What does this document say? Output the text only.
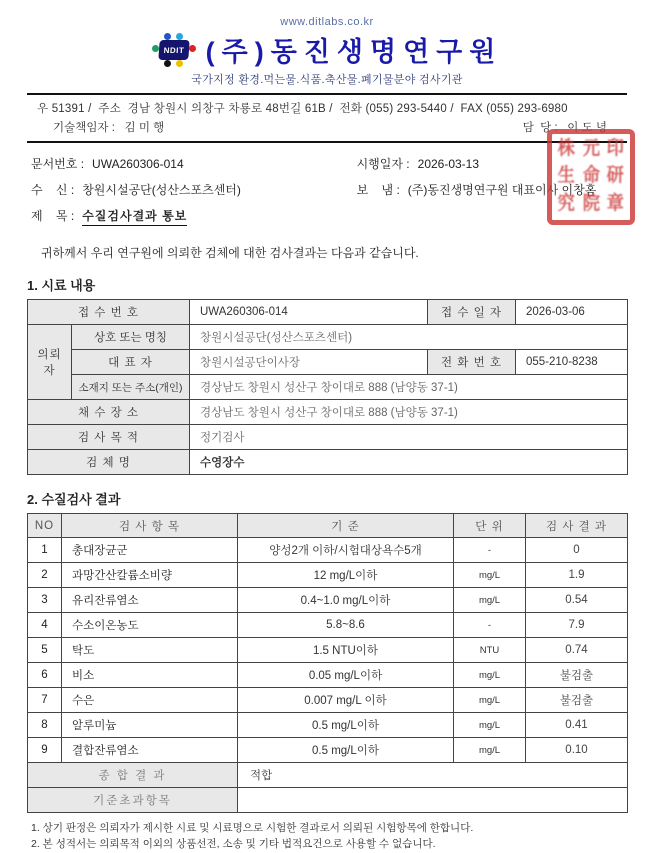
www.ditlabs.co.kr
NDIT (주)동진생명연구원
국가지정 환경.먹는물.식품.축산물.폐기물분야 검사기관
우 51391 /  주소  경남 창원시 의창구 차룡로 48번길 61B /  전화 (055) 293-5440 /  FAX (055) 293-6980
기술책임자 : 김 미 행	담  당 : 이 도 녕
문서번호 : UWA260306-014	시행일자 : 2026-03-13
수    신 : 창원시설공단(성산스포츠센터)	보    냄 : (주)동진생명연구원 대표이사 이창홈
제    목 : 수질검사결과 통보
株 元 印
生 命 研
究 院 章

귀하께서 우리 연구원에 의뢰한 검체에 대한 검사결과는 다음과 같습니다.

1. 시료 내용
접 수 번 호		UWA260306-014	접 수 일 자	2026-03-06
의뢰자	상호 또는 명칭	창원시설공단(성산스포츠센터)		
	대 표 자	창원시설공단이사장	전 화 번 호	055-210-8238
	소재지 또는 주소(개인)	경상남도 창원시 성산구 창이대로 888 (남양동 37-1)		
채 수 장 소		경상남도 창원시 성산구 창이대로 888 (남양동 37-1)		
검 사 목 적		정기검사		
검 체 명		수영장수		
2. 수질검사 결과
NO	검 사 항 목	기 준	단 위	검 사 결 과
1	총대장균군	양성2개 이하/시험대상욕수5개	-	0
2	과망간산칼륨소비량	12 mg/L이하	mg/L	1.9
3	유리잔류염소	0.4~1.0 mg/L이하	mg/L	0.54
4	수소이온농도	5.8~8.6	-	7.9
5	탁도	1.5 NTU이하	NTU	0.74
6	비소	0.05 mg/L이하	mg/L	불검출
7	수은	0.007 mg/L 이하	mg/L	불검출
8	알루미늄	0.5 mg/L이하	mg/L	0.41
9	결합잔류염소	0.5 mg/L이하	mg/L	0.10
종 합 결 과		적합		
기준초과항목				
1. 상기 판정은 의뢰자가 제시한 시료 및 시료명으로 시험한 결과로서 의뢰된 시험항목에 한합니다.
2. 본 성적서는 의뢰목적 이외의 상품선전, 소송 및 기타 법적요건으로 사용할 수 없습니다.
